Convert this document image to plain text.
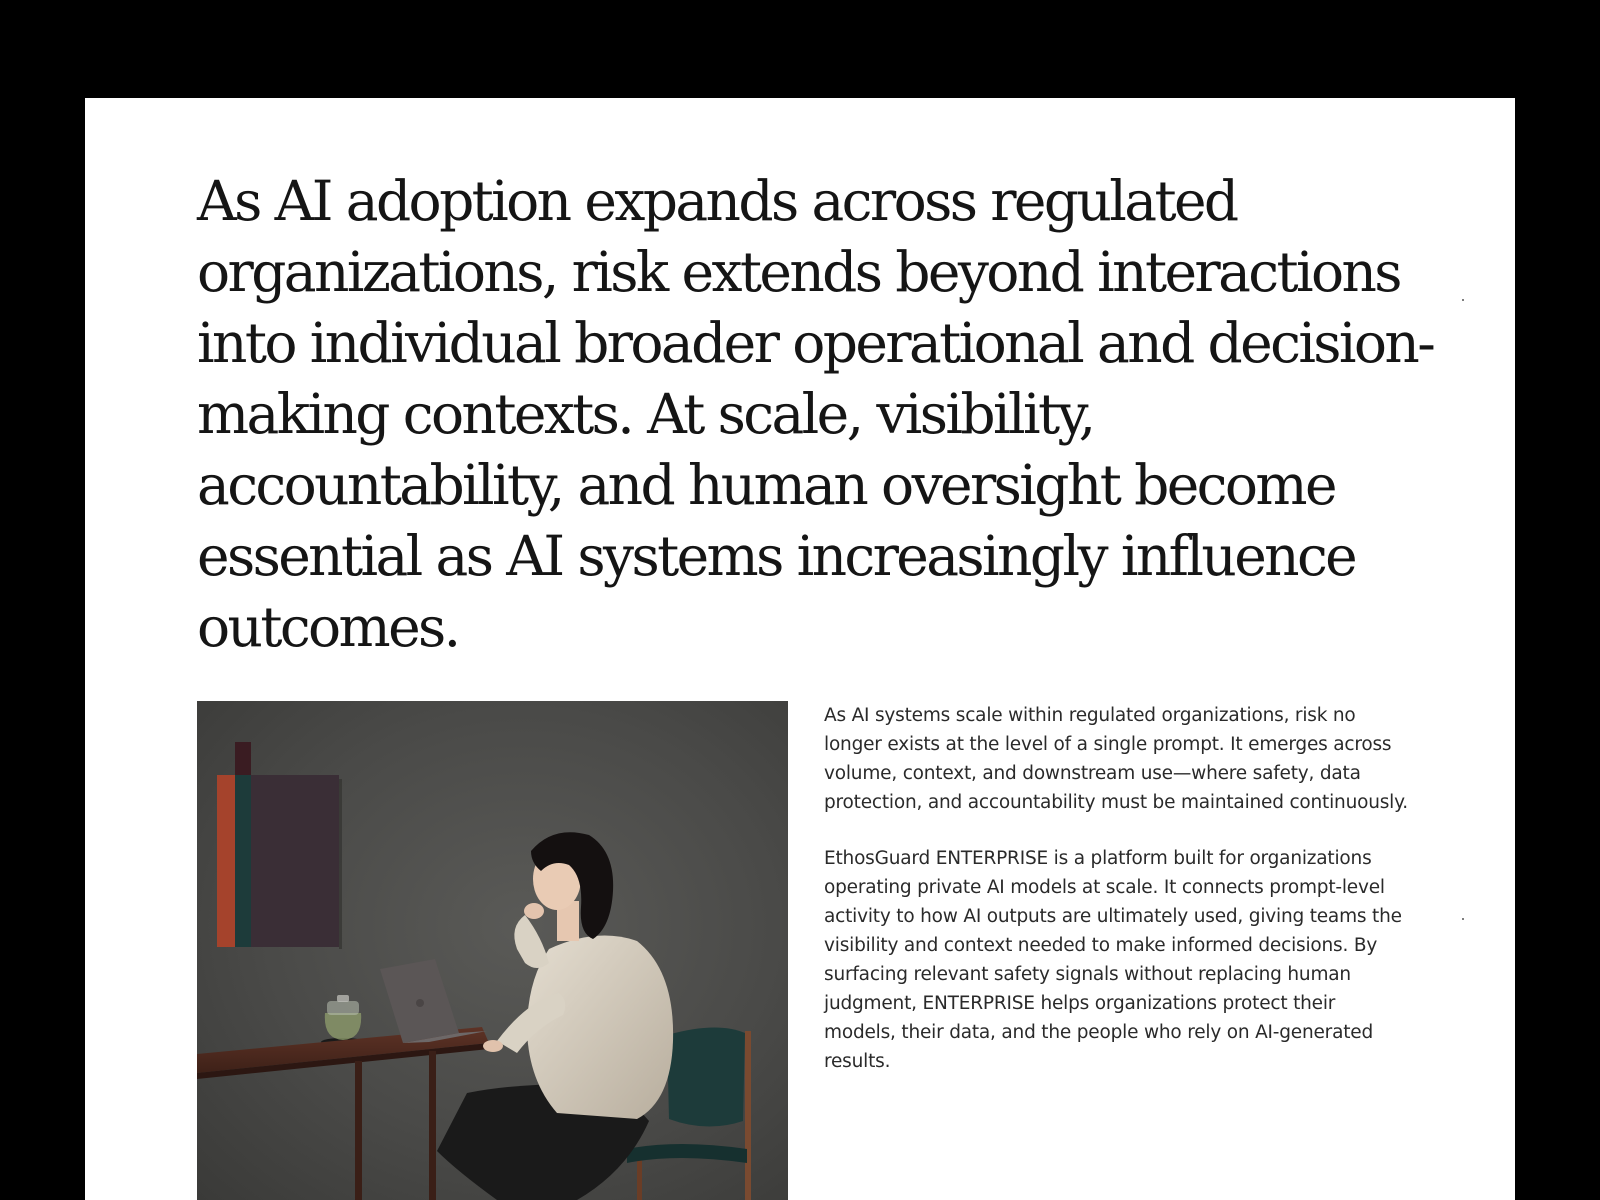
As AI adoption expands across regulated organizations, risk extends beyond interactions into individual broader operational and decision-making contexts. At scale, visibility, accountability, and human oversight become essential as AI systems increasingly influence outcomes.

As AI systems scale within regulated organizations, risk no longer exists at the level of a single prompt. It emerges across volume, context, and downstream use—where safety, data protection, and accountability must be maintained continuously.

EthosGuard ENTERPRISE is a platform built for organizations operating private AI models at scale. It connects prompt-level activity to how AI outputs are ultimately used, giving teams the visibility and context needed to make informed decisions. By surfacing relevant safety signals without replacing human judgment, ENTERPRISE helps organizations protect their models, their data, and the people who rely on AI-generated results.
